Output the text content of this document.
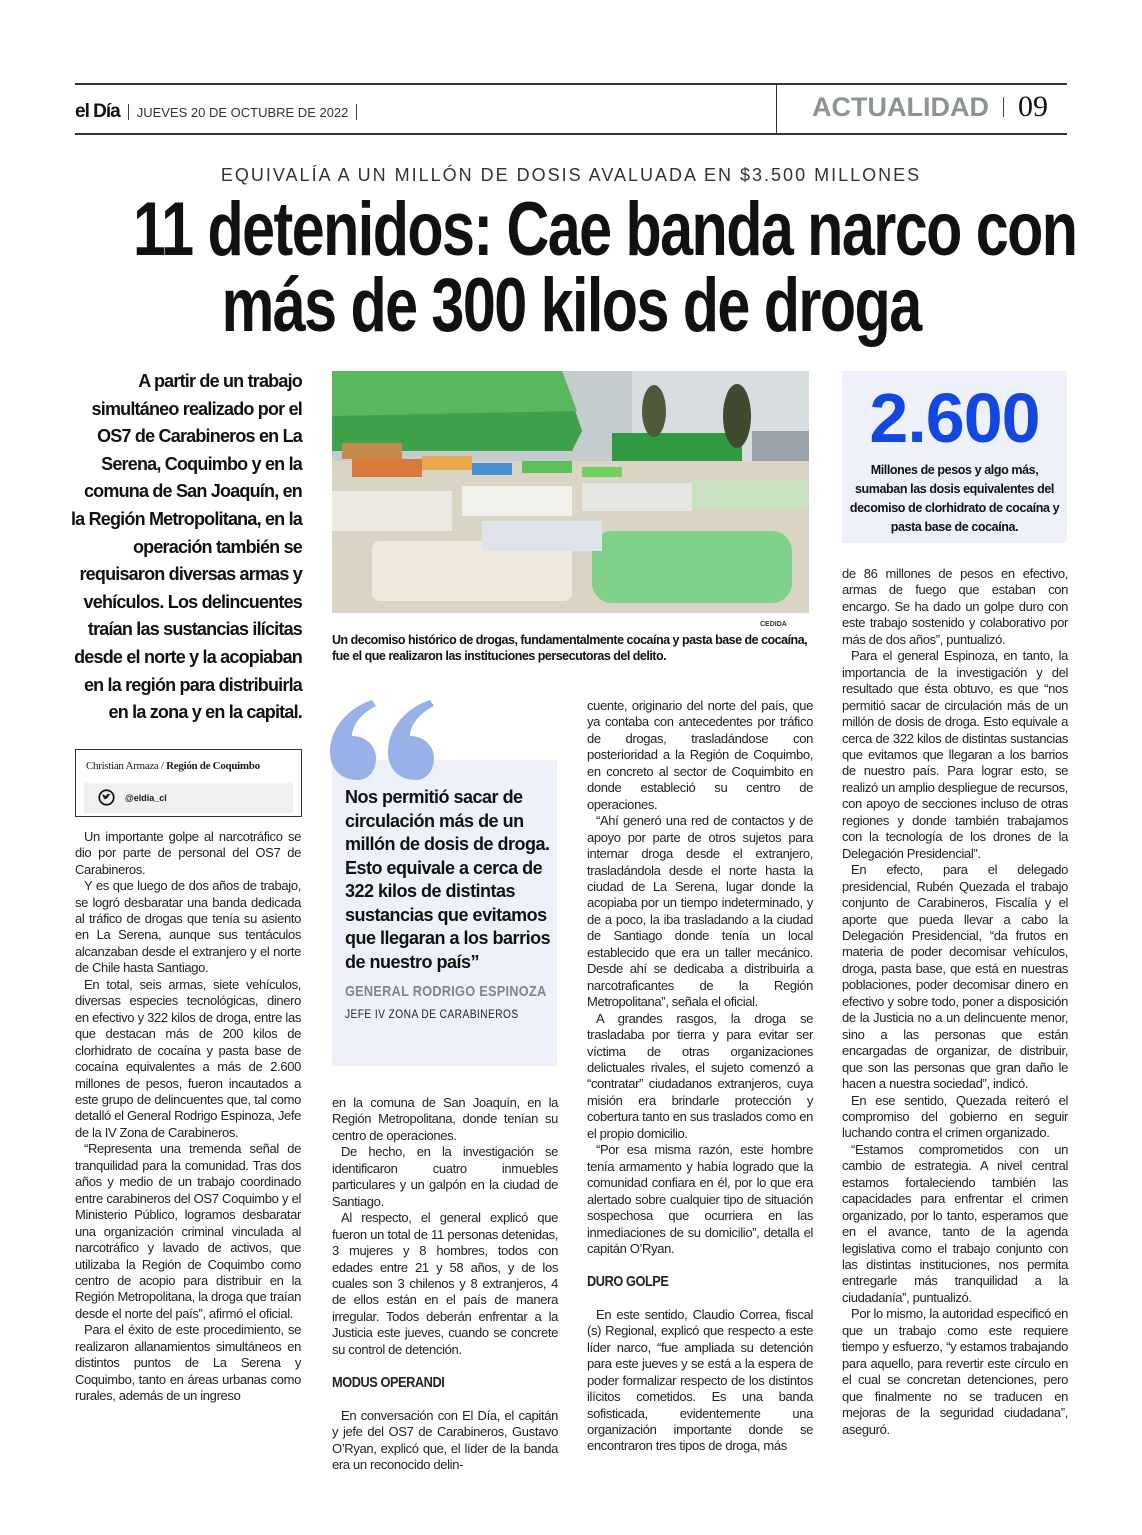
el Día JUEVES 20 DE OCTUBRE DE 2022	ACTUALIDAD 09
EQUIVALÍA A UN MILLÓN DE DOSIS AVALUADA EN $3.500 MILLONES
11 detenidos: Cae banda narco con
más de 300 kilos de droga
A partir de un trabajo simultáneo realizado por el OS7 de Carabineros en La Serena, Coquimbo y en la comuna de San Joaquín, en la Región Metropolitana, en la operación también se requisaron diversas armas y vehículos. Los delincuentes traían las sustancias ilícitas desde el norte y la acopiaban en la región para distribuirla en la zona y en la capital.
Christian Armaza / Región de Coquimbo
@eldia_cl

Un importante golpe al narcotráfico se dio por parte de personal del OS7 de Carabineros.

Y es que luego de dos años de trabajo, se logró desbaratar una banda dedicada al tráfico de drogas que tenía su asiento en La Serena, aunque sus tentáculos alcanzaban desde el extranjero y el norte de Chile hasta Santiago.

En total, seis armas, siete vehículos, diversas especies tecnológicas, dinero en efectivo y 322 kilos de droga, entre las que destacan más de 200 kilos de clorhidrato de cocaína y pasta base de cocaína equivalentes a más de 2.600 millones de pesos, fueron incautados a este grupo de delincuentes que, tal como detalló el General Rodrigo Espinoza, Jefe de la IV Zona de Carabineros.

“Representa una tremenda señal de tranquilidad para la comunidad. Tras dos años y medio de un trabajo coordinado entre carabineros del OS7 Coquimbo y el Ministerio Público, logramos desbaratar una organización criminal vinculada al narcotráfico y lavado de activos, que utilizaba la Región de Coquimbo como centro de acopio para distribuir en la Región Metropolitana, la droga que traían desde el norte del país”, afirmó el oficial.

Para el éxito de este procedimiento, se realizaron allanamientos simultáneos en distintos puntos de La Serena y Coquimbo, tanto en áreas urbanas como rurales, además de un ingreso

CEDIDA
Un decomiso histórico de drogas, fundamentalmente cocaína y pasta base de cocaína, fue el que realizaron las instituciones persecutoras del delito.
Nos permitió sacar de circulación más de un millón de dosis de droga. Esto equivale a cerca de 322 kilos de distintas sustancias que evitamos que llegaran a los barrios de nuestro país”
GENERAL RODRIGO ESPINOZA
JEFE IV ZONA DE CARABINEROS
2.600
Millones de pesos y algo más, sumaban las dosis equivalentes del decomiso de clorhidrato de cocaína y pasta base de cocaína.

en la comuna de San Joaquín, en la Región Metropolitana, donde tenían su centro de operaciones.

De hecho, en la investigación se identificaron cuatro inmuebles particulares y un galpón en la ciudad de Santiago.

Al respecto, el general explicó que fueron un total de 11 personas detenidas, 3 mujeres y 8 hombres, todos con edades entre 21 y 58 años, y de los cuales son 3 chilenos y 8 extranjeros, 4 de ellos están en el país de manera irregular. Todos deberán enfrentar a la Justicia este jueves, cuando se concrete su control de detención.

MODUS OPERANDI

En conversación con El Día, el capitán y jefe del OS7 de Carabineros, Gustavo O’Ryan, explicó que, el líder de la banda era un reconocido delin-

cuente, originario del norte del país, que ya contaba con antecedentes por tráfico de drogas, trasladándose con posterioridad a la Región de Coquimbo, en concreto al sector de Coquimbito en donde estableció su centro de operaciones.

“Ahí generó una red de contactos y de apoyo por parte de otros sujetos para internar droga desde el extranjero, trasladándola desde el norte hasta la ciudad de La Serena, lugar donde la acopiaba por un tiempo indeterminado, y de a poco, la iba trasladando a la ciudad de Santiago donde tenía un local establecido que era un taller mecánico. Desde ahí se dedicaba a distribuirla a narcotraficantes de la Región Metropolitana”, señala el oficial.

A grandes rasgos, la droga se trasladaba por tierra y para evitar ser víctima de otras organizaciones delictuales rivales, el sujeto comenzó a “contratar” ciudadanos extranjeros, cuya misión era brindarle protección y cobertura tanto en sus traslados como en el propio domicilio.

“Por esa misma razón, este hombre tenía armamento y había logrado que la comunidad confiara en él, por lo que era alertado sobre cualquier tipo de situación sospechosa que ocurriera en las inmediaciones de su domicilio”, detalla el capitán O’Ryan.

DURO GOLPE

En este sentido, Claudio Correa, fiscal (s) Regional, explicó que respecto a este líder narco, “fue ampliada su detención para este jueves y se está a la espera de poder formalizar respecto de los distintos ilícitos cometidos. Es una banda sofisticada, evidentemente una organización importante donde se encontraron tres tipos de droga, más

de 86 millones de pesos en efectivo, armas de fuego que estaban con encargo. Se ha dado un golpe duro con este trabajo sostenido y colaborativo por más de dos años”, puntualizó.

Para el general Espinoza, en tanto, la importancia de la investigación y del resultado que ésta obtuvo, es que “nos permitió sacar de circulación más de un millón de dosis de droga. Esto equivale a cerca de 322 kilos de distintas sustancias que evitamos que llegaran a los barrios de nuestro país. Para lograr esto, se realizó un amplio despliegue de recursos, con apoyo de secciones incluso de otras regiones y donde también trabajamos con la tecnología de los drones de la Delegación Presidencial”.

En efecto, para el delegado presidencial, Rubén Quezada el trabajo conjunto de Carabineros, Fiscalía y el aporte que pueda llevar a cabo la Delegación Presidencial, “da frutos en materia de poder decomisar vehículos, droga, pasta base, que está en nuestras poblaciones, poder decomisar dinero en efectivo y sobre todo, poner a disposición de la Justicia no a un delincuente menor, sino a las personas que están encargadas de organizar, de distribuir, que son las personas que gran daño le hacen a nuestra sociedad”, indicó.

En ese sentido, Quezada reiteró el compromiso del gobierno en seguir luchando contra el crimen organizado.

“Estamos comprometidos con un cambio de estrategia. A nivel central estamos fortaleciendo también las capacidades para enfrentar el crimen organizado, por lo tanto, esperamos que en el avance, tanto de la agenda legislativa como el trabajo conjunto con las distintas instituciones, nos permita entregarle más tranquilidad a la ciudadanía”, puntualizó.

Por lo mismo, la autoridad especificó en que un trabajo como este requiere tiempo y esfuerzo, “y estamos trabajando para aquello, para revertir este círculo en el cual se concretan detenciones, pero que finalmente no se traducen en mejoras de la seguridad ciudadana”, aseguró.
